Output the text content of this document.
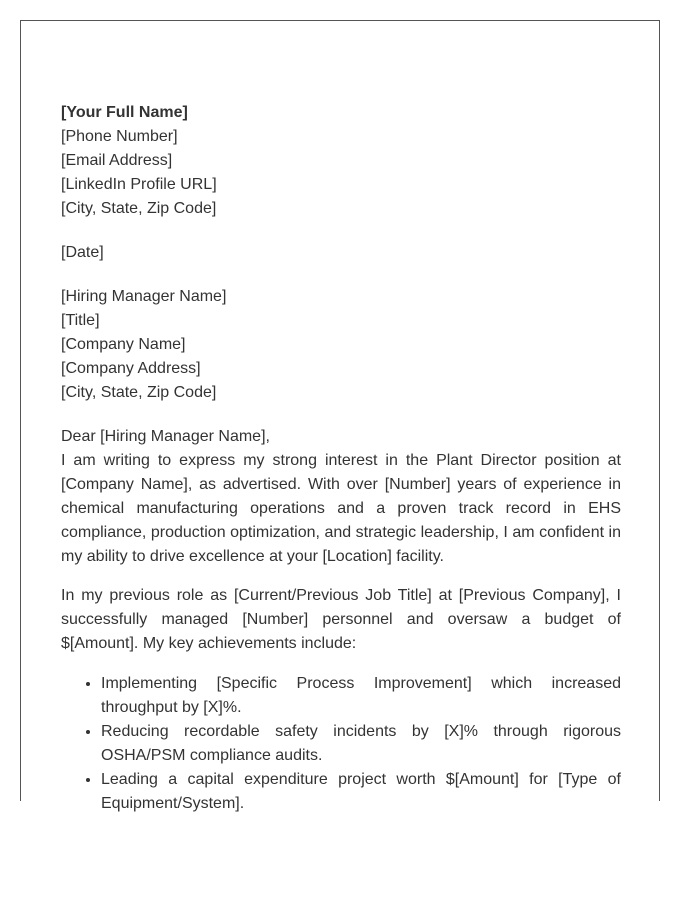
[Your Full Name]
[Phone Number]
[Email Address]
[LinkedIn Profile URL]
[City, State, Zip Code]
[Date]
[Hiring Manager Name]
[Title]
[Company Name]
[Company Address]
[City, State, Zip Code]
Dear [Hiring Manager Name],

I am writing to express my strong interest in the Plant Director position at [Company Name], as advertised. With over [Number] years of experience in chemical manufacturing operations and a proven track record in EHS compliance, production optimization, and strategic leadership, I am confident in my ability to drive excellence at your [Location] facility.

In my previous role as [Current/Previous Job Title] at [Previous Company], I successfully managed [Number] personnel and oversaw a budget of $[Amount]. My key achievements include:

• Implementing [Specific Process Improvement] which increased throughput by [X]%.
• Reducing recordable safety incidents by [X]% through rigorous OSHA/PSM compliance audits.
• Leading a capital expenditure project worth $[Amount] for [Type of Equipment/System].
